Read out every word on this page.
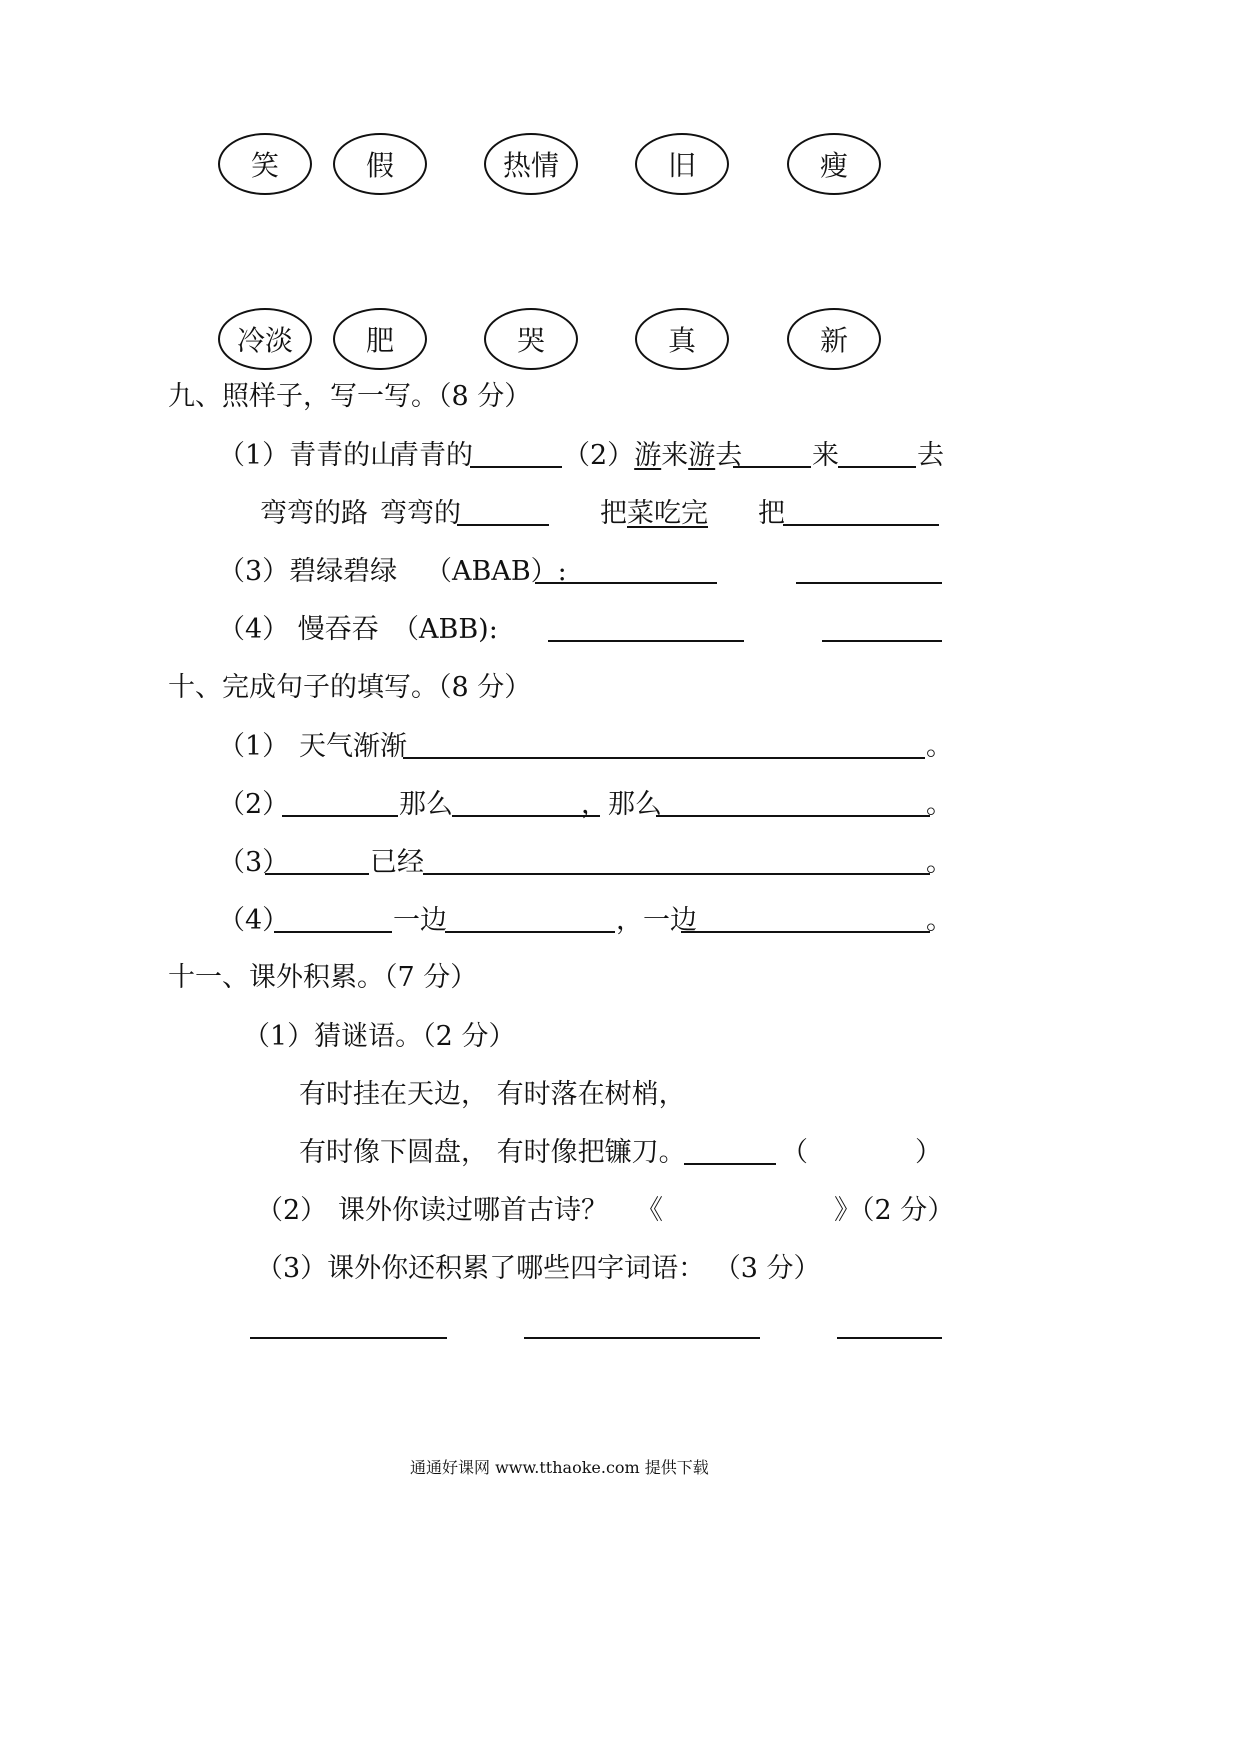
笑	假	热情	旧	瘦
冷淡	肥	哭	真	新
九、照样子，写一写。（8 分）
（1）青青的山
青青的	（2）游来游去	来	去
弯弯的路 弯弯的	把菜吃完 把
（3）碧绿碧绿 （ABAB）:
（4） 慢吞吞 （ABB):
十、完成句子的填写。（8 分）
（1） 天气渐渐	。
（2）	那么	，那么	。
（3）	已经	。
（4）	一边	，一边	。
十一、课外积累。（7 分）
（1）猜谜语。（2 分）
有时挂在天边， 有时落在树梢，
有时像下圆盘， 有时像把镰刀。	（	）
（2） 课外你读过哪首古诗？ 《	》（2 分）
（3）课外你还积累了哪些四字词语： （3 分）
通通好课网 www.tthaoke.com 提供下载
